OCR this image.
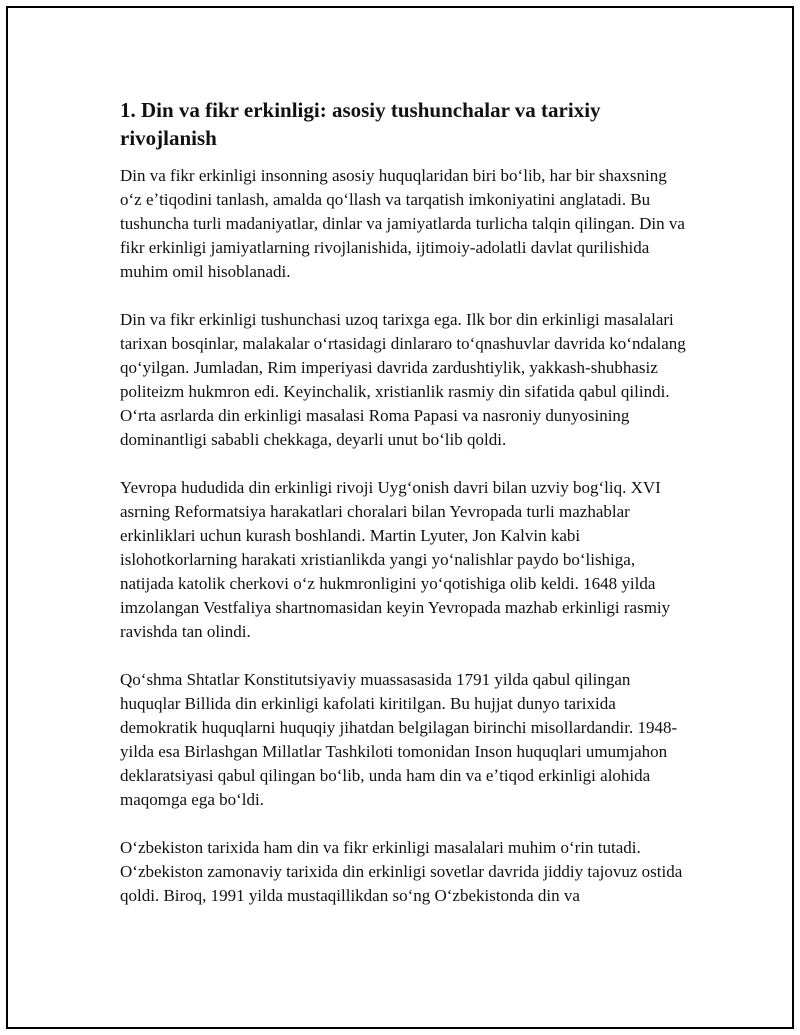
1. Din va fikr erkinligi: asosiy tushunchalar va tarixiy rivojlanish

Din va fikr erkinligi insonning asosiy huquqlaridan biri boʻlib, har bir shaxsning oʻz eʼtiqodini tanlash, amalda qoʻllash va tarqatish imkoniyatini anglatadi. Bu tushuncha turli madaniyatlar, dinlar va jamiyatlarda turlicha talqin qilingan. Din va fikr erkinligi jamiyatlarning rivojlanishida, ijtimoiy-adolatli davlat qurilishida muhim omil hisoblanadi.

Din va fikr erkinligi tushunchasi uzoq tarixga ega. Ilk bor din erkinligi masalalari tarixan bosqinlar, malakalar oʻrtasidagi dinlararo toʻqnashuvlar davrida koʻndalang qoʻyilgan. Jumladan, Rim imperiyasi davrida zardushtiylik, yakkash-shubhasiz politeizm hukmron edi. Keyinchalik, xristianlik rasmiy din sifatida qabul qilindi. Oʻrta asrlarda din erkinligi masalasi Roma Papasi va nasroniy dunyosining dominantligi sababli chekkaga, deyarli unut boʻlib qoldi.

Yevropa hududida din erkinligi rivoji Uygʻonish davri bilan uzviy bogʻliq. XVI asrning Reformatsiya harakatlari choralari bilan Yevropada turli mazhablar erkinliklari uchun kurash boshlandi. Martin Lyuter, Jon Kalvin kabi islohotkorlarning harakati xristianlikda yangi yoʻnalishlar paydo boʻlishiga, natijada katolik cherkovi oʻz hukmronligini yoʻqotishiga olib keldi. 1648 yilda imzolangan Vestfaliya shartnomasidan keyin Yevropada mazhab erkinligi rasmiy ravishda tan olindi.

Qoʻshma Shtatlar Konstitutsiyaviy muassasasida 1791 yilda qabul qilingan huquqlar Billida din erkinligi kafolati kiritilgan. Bu hujjat dunyo tarixida demokratik huquqlarni huquqiy jihatdan belgilagan birinchi misollardandir. 1948-yilda esa Birlashgan Millatlar Tashkiloti tomonidan Inson huquqlari umumjahon deklaratsiyasi qabul qilingan boʻlib, unda ham din va eʼtiqod erkinligi alohida maqomga ega boʻldi.

Oʻzbekiston tarixida ham din va fikr erkinligi masalalari muhim oʻrin tutadi. Oʻzbekiston zamonaviy tarixida din erkinligi sovetlar davrida jiddiy tajovuz ostida qoldi. Biroq, 1991 yilda mustaqillikdan soʻng Oʻzbekistonda din va
